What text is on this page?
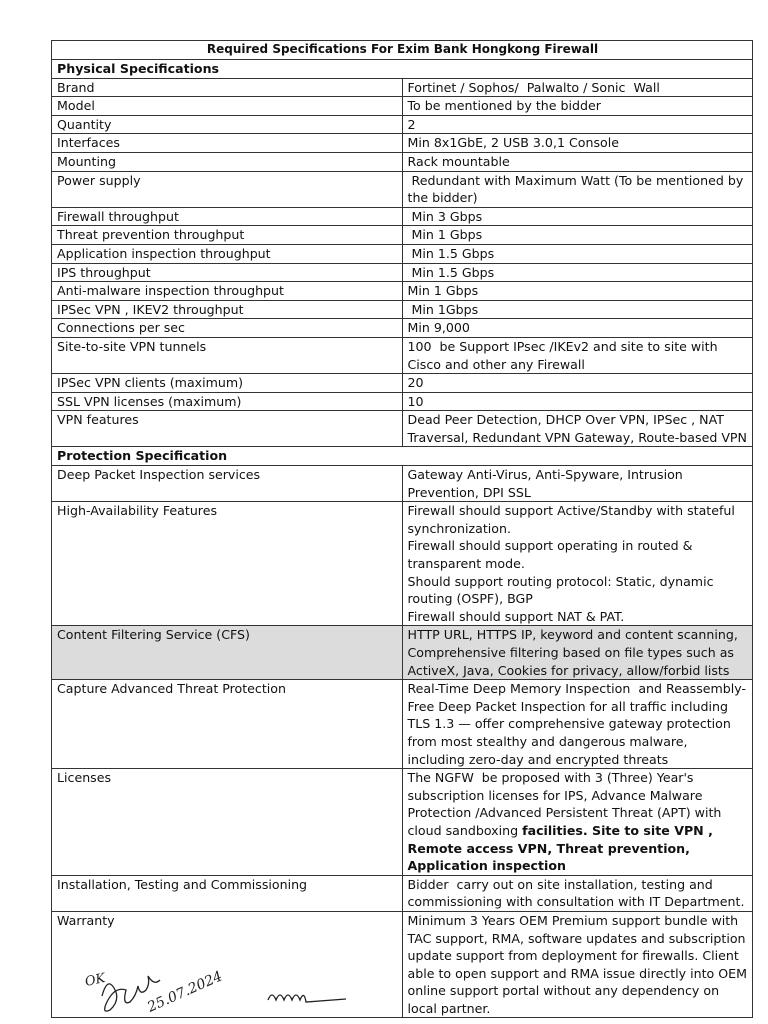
Required Specifications For Exim Bank Hongkong Firewall	
Physical Specifications	
Brand	Fortinet / Sophos/  Palwalto / Sonic  Wall
Model	To be mentioned by the bidder
Quantity	2
Interfaces	Min 8x1GbE, 2 USB 3.0,1 Console
Mounting	Rack mountable
Power supply	Redundant with Maximum Watt (To be mentioned by the bidder)
Firewall throughput	Min 3 Gbps
Threat prevention throughput	Min 1 Gbps
Application inspection throughput	Min 1.5 Gbps
IPS throughput	Min 1.5 Gbps
Anti-malware inspection throughput	Min 1 Gbps
IPSec VPN , IKEV2 throughput	Min 1Gbps
Connections per sec	Min 9,000
Site-to-site VPN tunnels	100  be Support IPsec /IKEv2 and site to site with Cisco and other any Firewall
IPSec VPN clients (maximum)	20
SSL VPN licenses (maximum)	10
VPN features	Dead Peer Detection, DHCP Over VPN, IPSec , NAT Traversal, Redundant VPN Gateway, Route-based VPN
Protection Specification	
Deep Packet Inspection services	Gateway Anti-Virus, Anti-Spyware, Intrusion Prevention, DPI SSL
High-Availability Features	Firewall should support Active/Standby with stateful synchronization.
Firewall should support operating in routed & transparent mode.
Should support routing protocol: Static, dynamic routing (OSPF), BGP
Firewall should support NAT & PAT.
Content Filtering Service (CFS)	HTTP URL, HTTPS IP, keyword and content scanning, Comprehensive filtering based on file types such as ActiveX, Java, Cookies for privacy, allow/forbid lists
Capture Advanced Threat Protection	Real-Time Deep Memory Inspection  and Reassembly-Free Deep Packet Inspection for all traffic including TLS 1.3 — offer comprehensive gateway protection from most stealthy and dangerous malware, including zero-day and encrypted threats
Licenses	The NGFW  be proposed with 3 (Three) Year's subscription licenses for IPS, Advance Malware Protection /Advanced Persistent Threat (APT) with cloud sandboxing facilities. Site to site VPN , Remote access VPN, Threat prevention, Application inspection
Installation, Testing and Commissioning	Bidder  carry out on site installation, testing and commissioning with consultation with IT Department.
Warranty	Minimum 3 Years OEM Premium support bundle with TAC support, RMA, software updates and subscription update support from deployment for firewalls. Client  able to open support and RMA issue directly into OEM online support portal without any dependency on local partner.
OK	25.07.2024
